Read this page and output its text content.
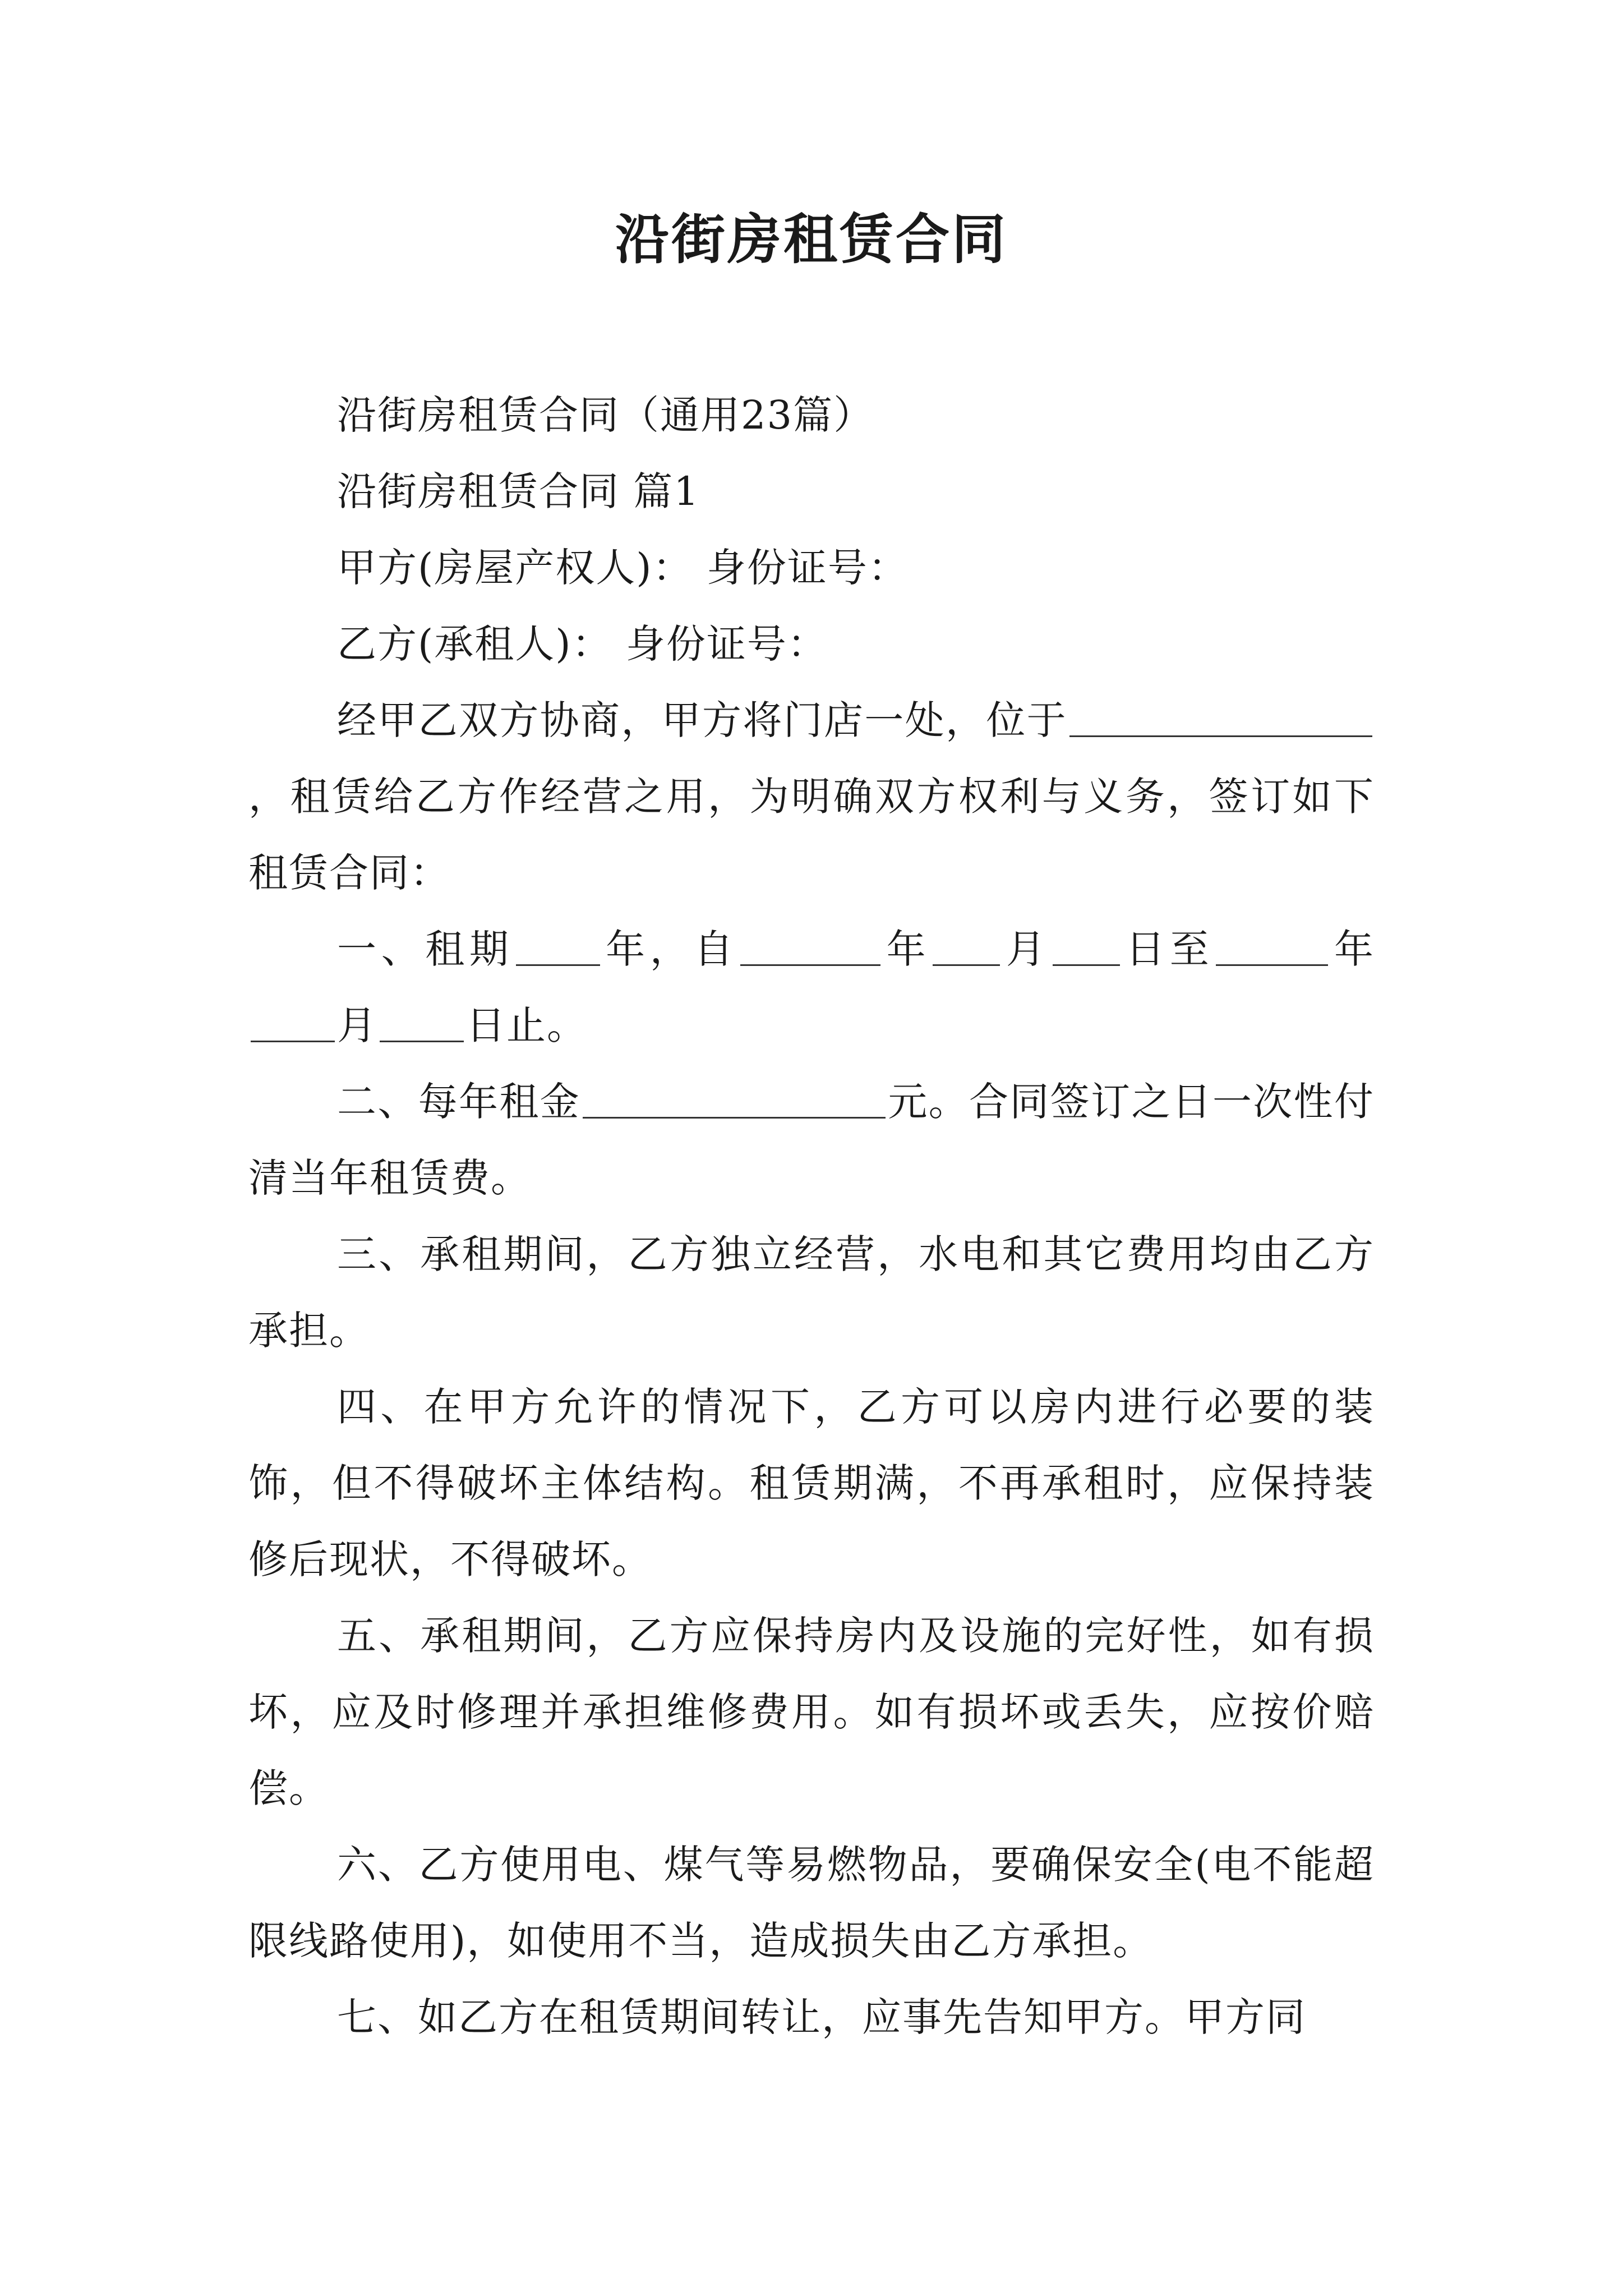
沿街房租赁合同

沿街房租赁合同（通用23篇）

沿街房租赁合同 篇1

甲方(房屋产权人)： 身份证号：

乙方(承租人)： 身份证号：

经甲乙双方协商，甲方将门店一处，位于，租赁给乙方作经营之用，为明确双方权利与义务，签订如下租赁合同：

一、租期 年，自	年 月 日至	年月 日止。

二、每年租金	元。合同签订之日一次性付清当年租赁费。

三、承租期间，乙方独立经营，水电和其它费用均由乙方承担。

四、在甲方允许的情况下，乙方可以房内进行必要的装饰，但不得破坏主体结构。租赁期满，不再承租时，应保持装修后现状，不得破坏。

五、承租期间，乙方应保持房内及设施的完好性，如有损坏，应及时修理并承担维修费用。如有损坏或丢失，应按价赔偿。

六、乙方使用电、煤气等易燃物品，要确保安全(电不能超限线路使用)，如使用不当，造成损失由乙方承担。

七、如乙方在租赁期间转让，应事先告知甲方。甲方同
